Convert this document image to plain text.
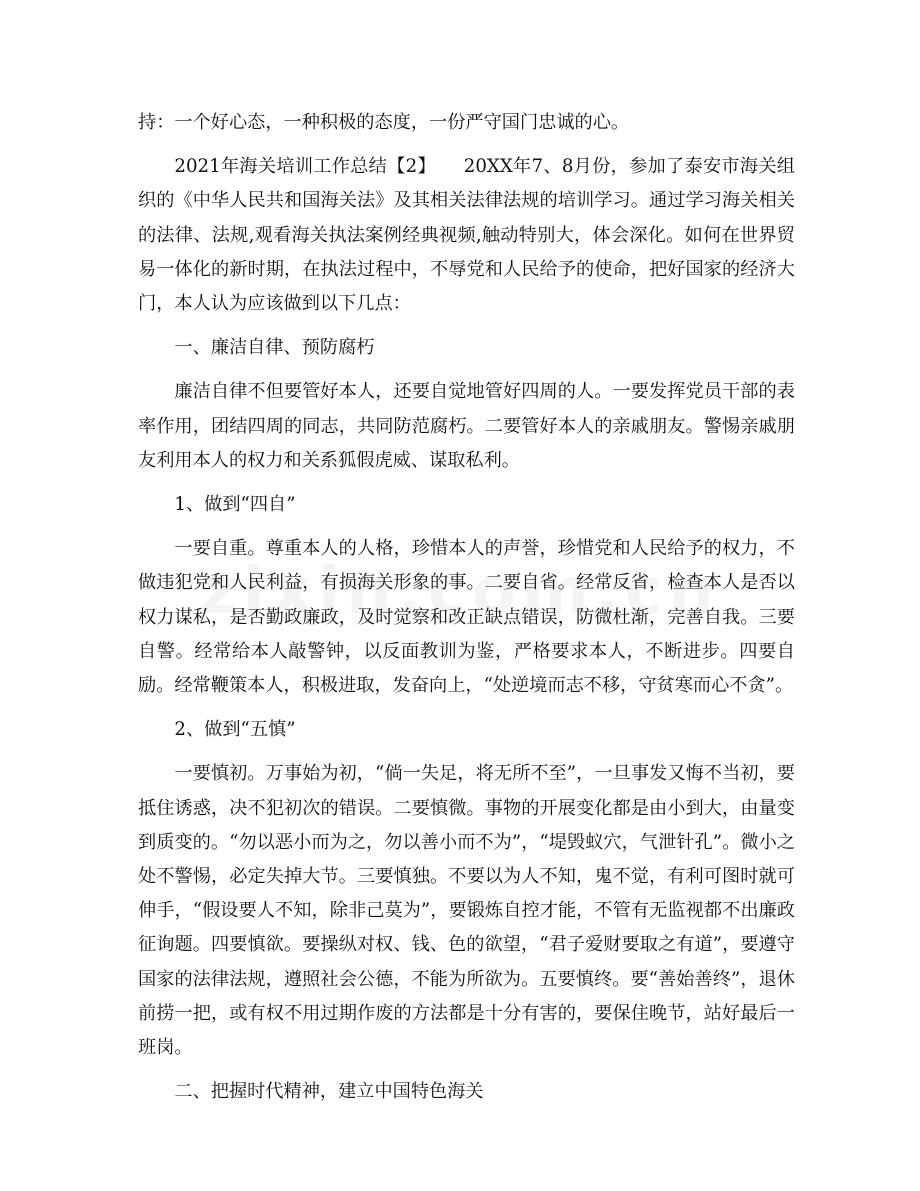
持：一个好心态，一种积极的态度，一份严守国门忠诚的心。

2021年海关培训工作总结【2】　　20XX年7、8月份，参加了泰安市海关组织的《中华人民共和国海关法》及其相关法律法规的培训学习。通过学习海关相关的法律、法规,观看海关执法案例经典视频,触动特别大，体会深化。如何在世界贸易一体化的新时期，在执法过程中，不辱党和人民给予的使命，把好国家的经济大门，本人认为应该做到以下几点：

一、廉洁自律、预防腐朽

廉洁自律不但要管好本人，还要自觉地管好四周的人。一要发挥党员干部的表率作用，团结四周的同志，共同防范腐朽。二要管好本人的亲戚朋友。警惕亲戚朋友利用本人的权力和关系狐假虎威、谋取私利。

1、做到“四自”

一要自重。尊重本人的人格，珍惜本人的声誉，珍惜党和人民给予的权力，不做违犯党和人民利益，有损海关形象的事。二要自省。经常反省，检查本人是否以权力谋私，是否勤政廉政，及时觉察和改正缺点错误，防微杜渐，完善自我。三要自警。经常给本人敲警钟，以反面教训为鉴，严格要求本人，不断进步。四要自励。经常鞭策本人，积极进取，发奋向上，“处逆境而志不移，守贫寒而心不贪”。

2、做到“五慎”

一要慎初。万事始为初，“倘一失足，将无所不至”，一旦事发又悔不当初，要抵住诱惑，决不犯初次的错误。二要慎微。事物的开展变化都是由小到大，由量变到质变的。“勿以恶小而为之，勿以善小而不为”，“堤毁蚁穴，气泄针孔”。微小之处不警惕，必定失掉大节。三要慎独。不要以为人不知，鬼不觉，有利可图时就可伸手，“假设要人不知，除非己莫为”，要锻炼自控才能，不管有无监视都不出廉政征询题。四要慎欲。要操纵对权、钱、色的欲望，“君子爱财要取之有道”，要遵守国家的法律法规，遵照社会公德，不能为所欲为。五要慎终。要“善始善终”，退休前捞一把，或有权不用过期作废的方法都是十分有害的，要保住晚节，站好最后一班岗。

二、把握时代精神，建立中国特色海关
